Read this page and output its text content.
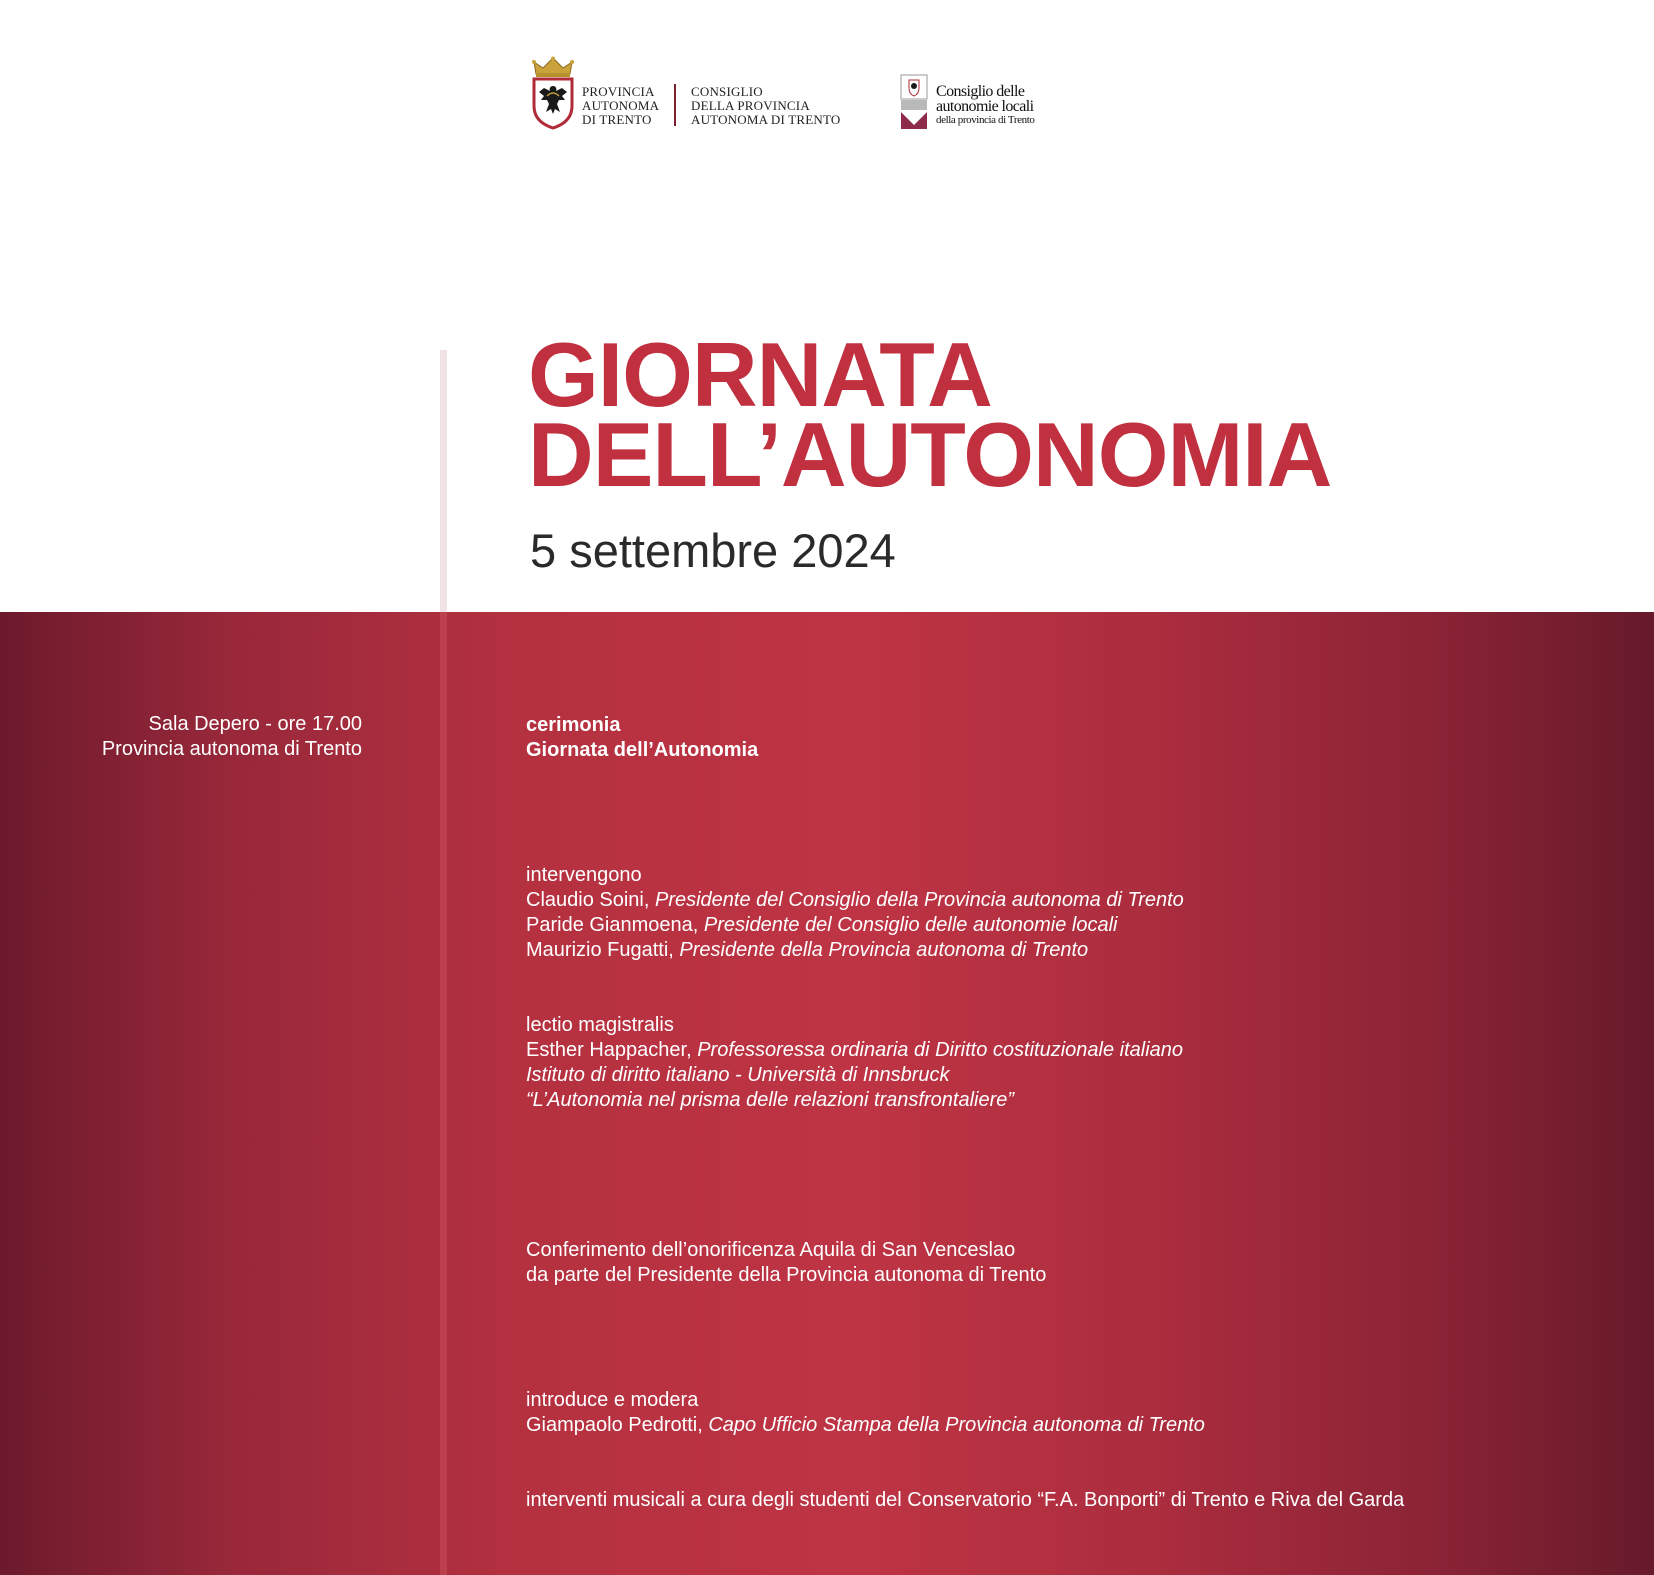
PROVINCIA
AUTONOMA
DI TRENTO
CONSIGLIO
DELLA PROVINCIA
AUTONOMA DI TRENTO
Consiglio delle
autonomie locali
della provincia di Trento
GIORNATA
DELL’AUTONOMIA
5 settembre 2024
Sala Depero - ore 17.00
Provincia autonoma di Trento
cerimonia
Giornata dell’Autonomia
intervengono
Claudio Soini, Presidente del Consiglio della Provincia autonoma di Trento
Paride Gianmoena, Presidente del Consiglio delle autonomie locali
Maurizio Fugatti, Presidente della Provincia autonoma di Trento
lectio magistralis
Esther Happacher, Professoressa ordinaria di Diritto costituzionale italiano
Istituto di diritto italiano - Università di Innsbruck
“L’Autonomia nel prisma delle relazioni transfrontaliere”
Conferimento dell’onorificenza Aquila di San Venceslao
da parte del Presidente della Provincia autonoma di Trento
introduce e modera
Giampaolo Pedrotti, Capo Ufficio Stampa della Provincia autonoma di Trento
interventi musicali a cura degli studenti del Conservatorio “F.A. Bonporti” di Trento e Riva del Garda
